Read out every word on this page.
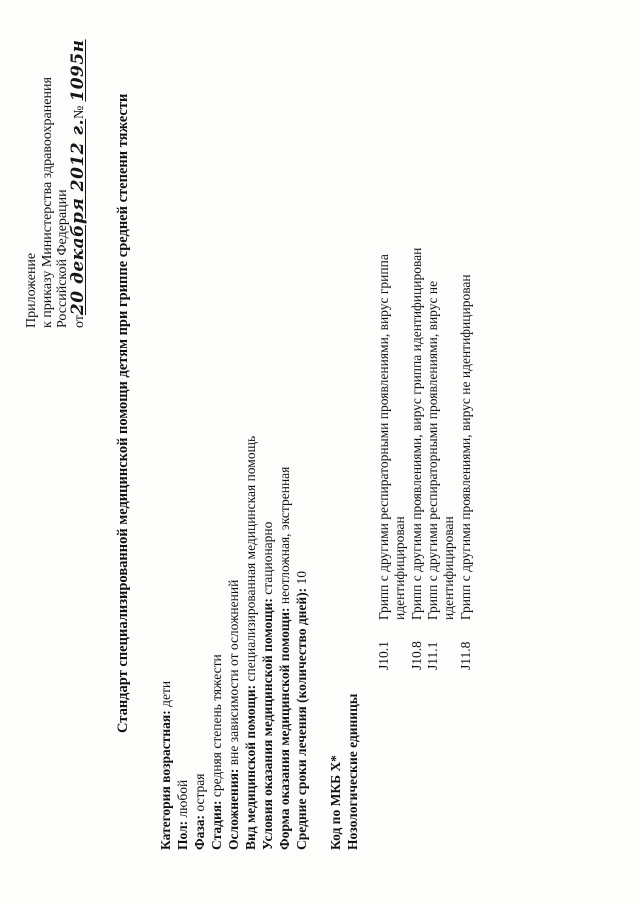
Приложение к приказу Министерства здравоохранения Российской Федерации от20 декабря 2012 г.№1095н
Стандарт специализированной медицинской помощи детям при гриппе средней степени тяжести
Категория возрастная: дети
Пол: любой
Фаза: острая
Стадия: средняя степень тяжести
Осложнения: вне зависимости от осложнений Вид медицинской помощи: специализированная медицинская помощь
Условия оказания медицинской помощи: стационарно
Форма оказания медицинской помощи: неотложная, экстренная
Средние сроки лечения (количество дней): 10
Код по МКБ X* Нозологические единицы
J10.1
Грипп с другими респираторными проявлениями, вирус гриппа идентифицирован
J10.8
Грипп с другими проявлениями, вирус гриппа идентифицирован
J11.1
Грипп с другими респираторными проявлениями, вирус не идентифицирован
J11.8
Грипп с другими проявлениями, вирус не идентифицирован
